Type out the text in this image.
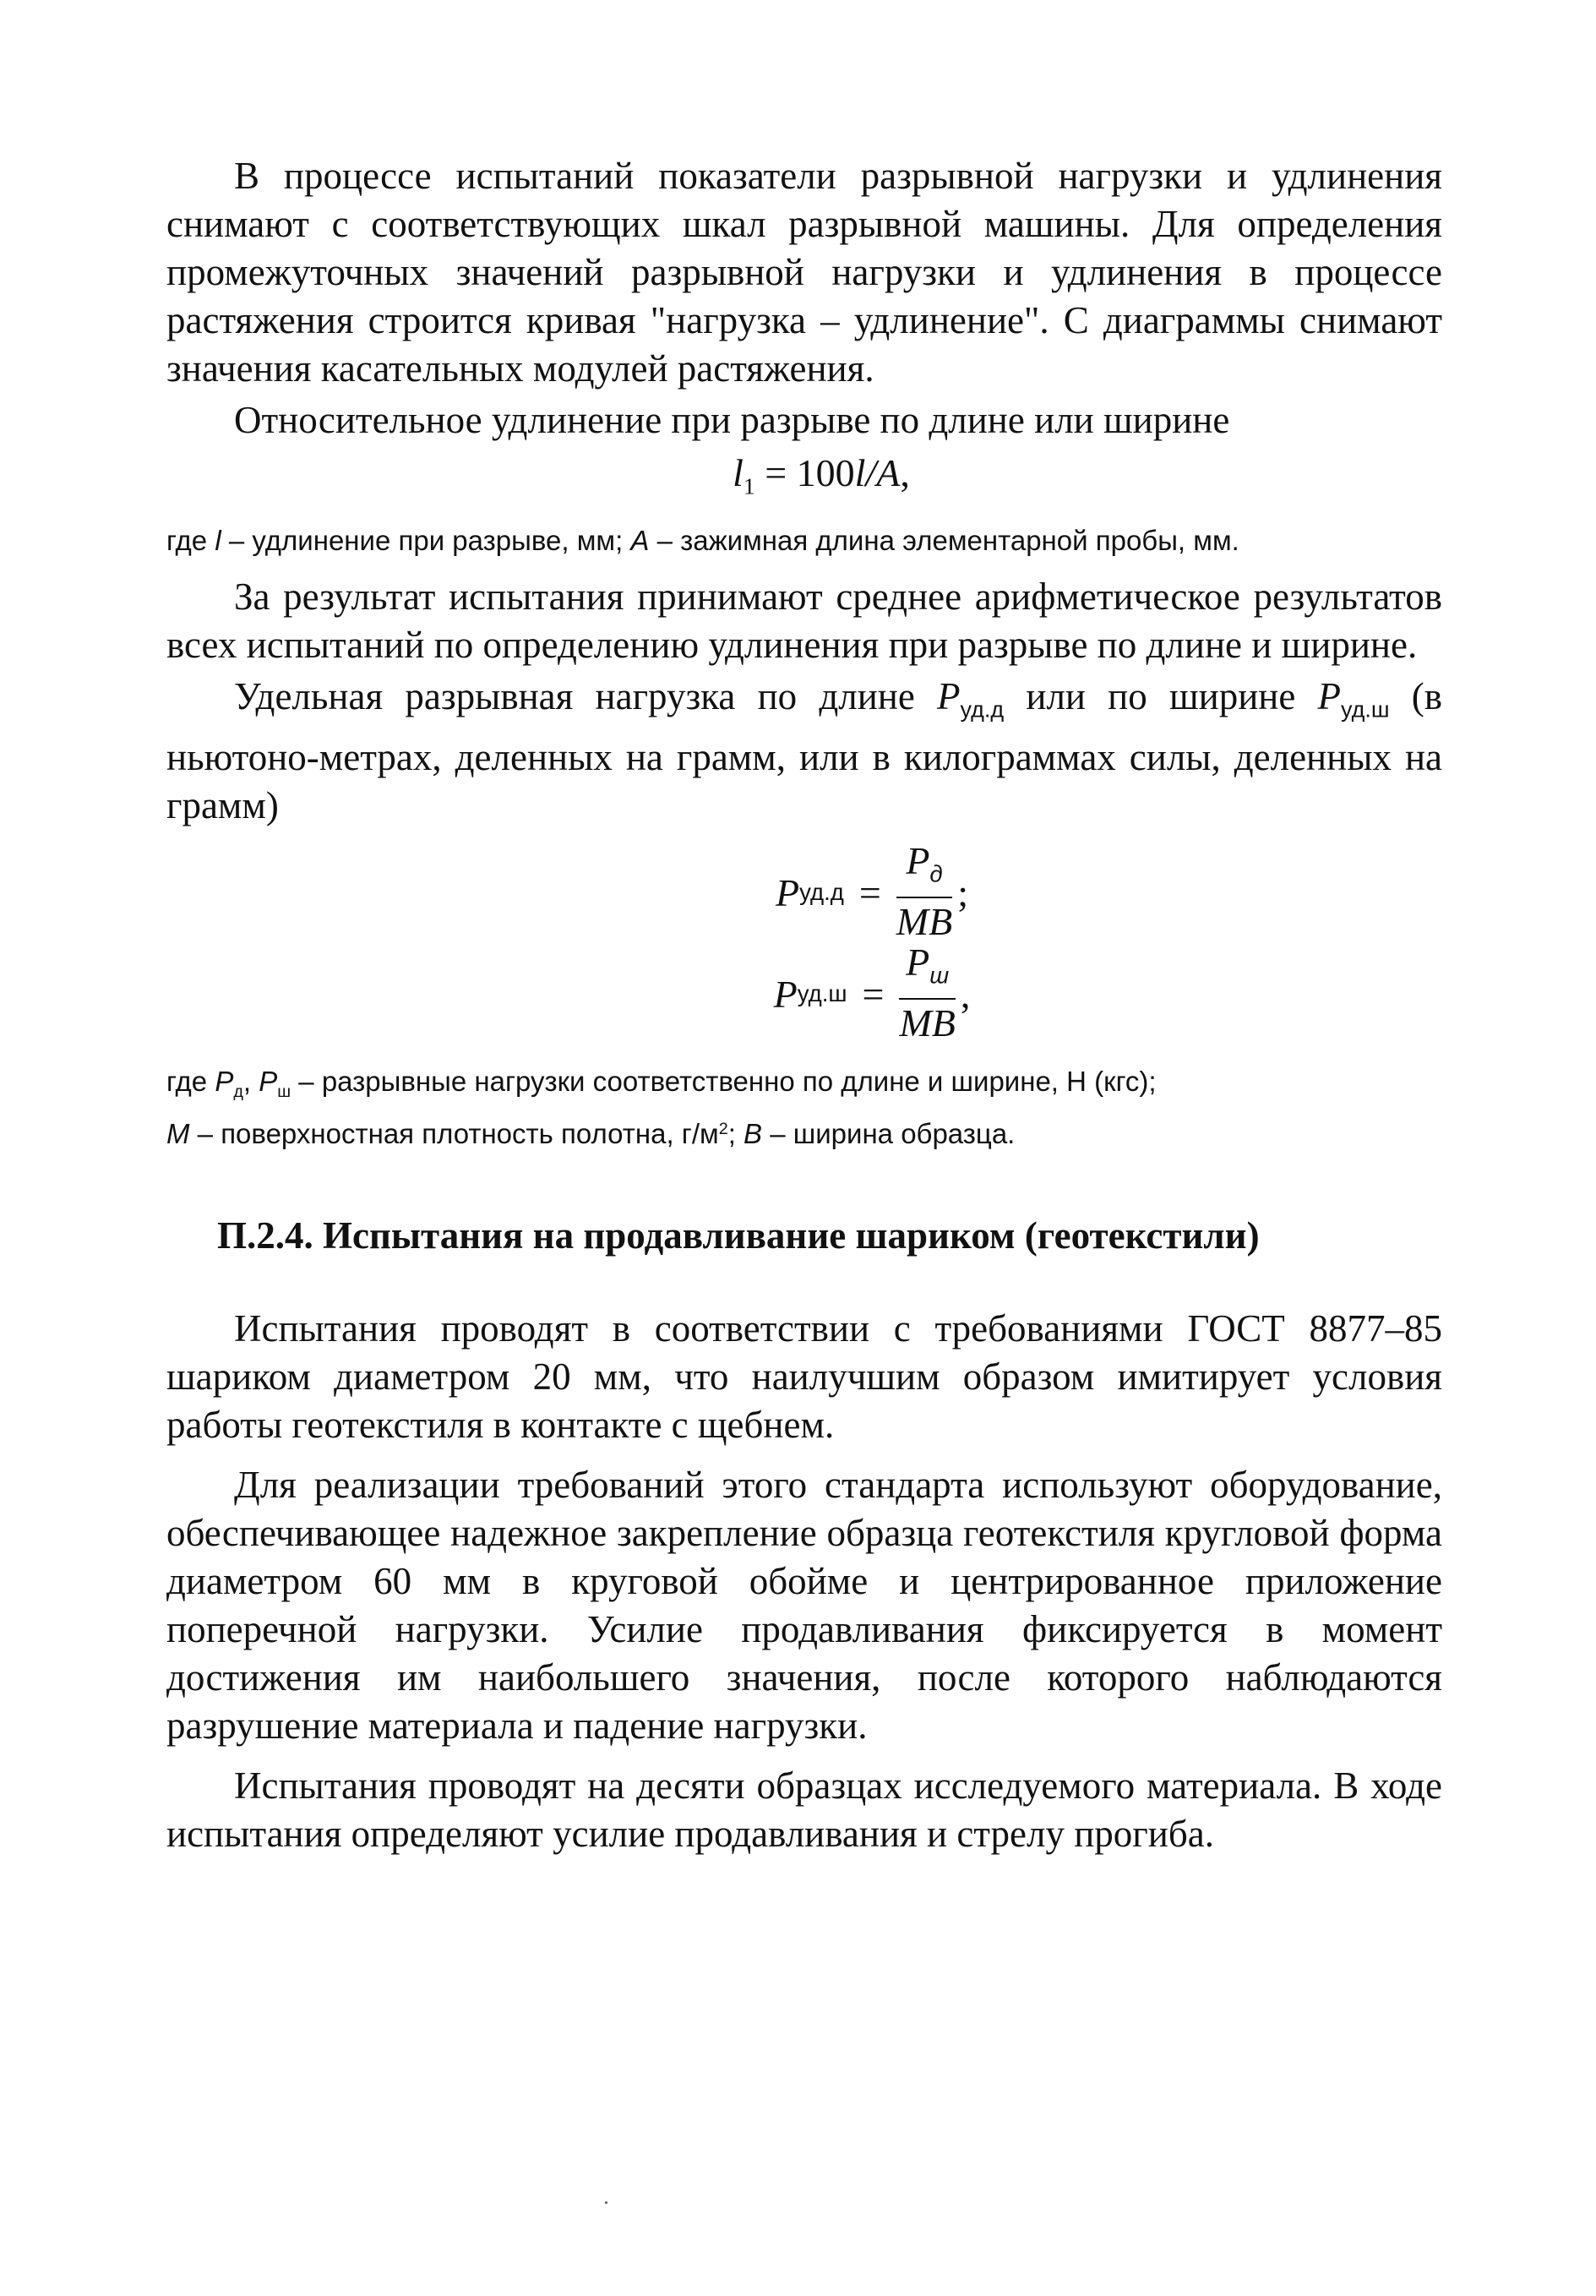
В процессе испытаний показатели разрывной нагрузки и удлинения снимают с соответствующих шкал разрывной машины. Для определения промежуточных значений разрывной нагрузки и удлинения в процессе растяжения строится кривая "нагрузка – удлинение". С диаграммы снимают значения касательных модулей растяжения.

Относительное удлинение при разрыве по длине или ширине

$l_1 = 100l/A$,

где l – удлинение при разрыве, мм; A – зажимная длина элементарной пробы, мм.

За результат испытания принимают среднее арифметическое результатов всех испытаний по определению удлинения при разрыве по длине и ширине.

Удельная разрывная нагрузка по длине $P_{уд.д}$ или по ширине $P_{уд.ш}$ (в ньютоно-метрах, деленных на грамм, или в килограммах силы, деленных на грамм)

P $уд.д = \frac{P_д}{MB}$ ;
P $уд.ш = \frac{P_ш}{MB}$ ,

где $P_д$, $P_ш$ – разрывные нагрузки соответственно по длине и ширине, Н (кгс);
M – поверхностная плотность полотна, $г/м^2$; B – ширина образца.

П.2.4. Испытания на продавливание шариком (геотекстили)

Испытания проводят в соответствии с требованиями ГОСТ 8877–85 шариком диаметром 20 мм, что наилучшим образом имитирует условия работы геотекстиля в контакте с щебнем.

Для реализации требований этого стандарта используют оборудование, обеспечивающее надежное закрепление образца геотекстиля кругловой форма диаметром 60 мм в круговой обойме и центрированное приложение поперечной нагрузки. Усилие продавливания фиксируется в момент достижения им наибольшего значения, после которого наблюдаются разрушение материала и падение нагрузки.

Испытания проводят на десяти образцах исследуемого материала. В ходе испытания определяют усилие продавливания и стрелу прогиба.
